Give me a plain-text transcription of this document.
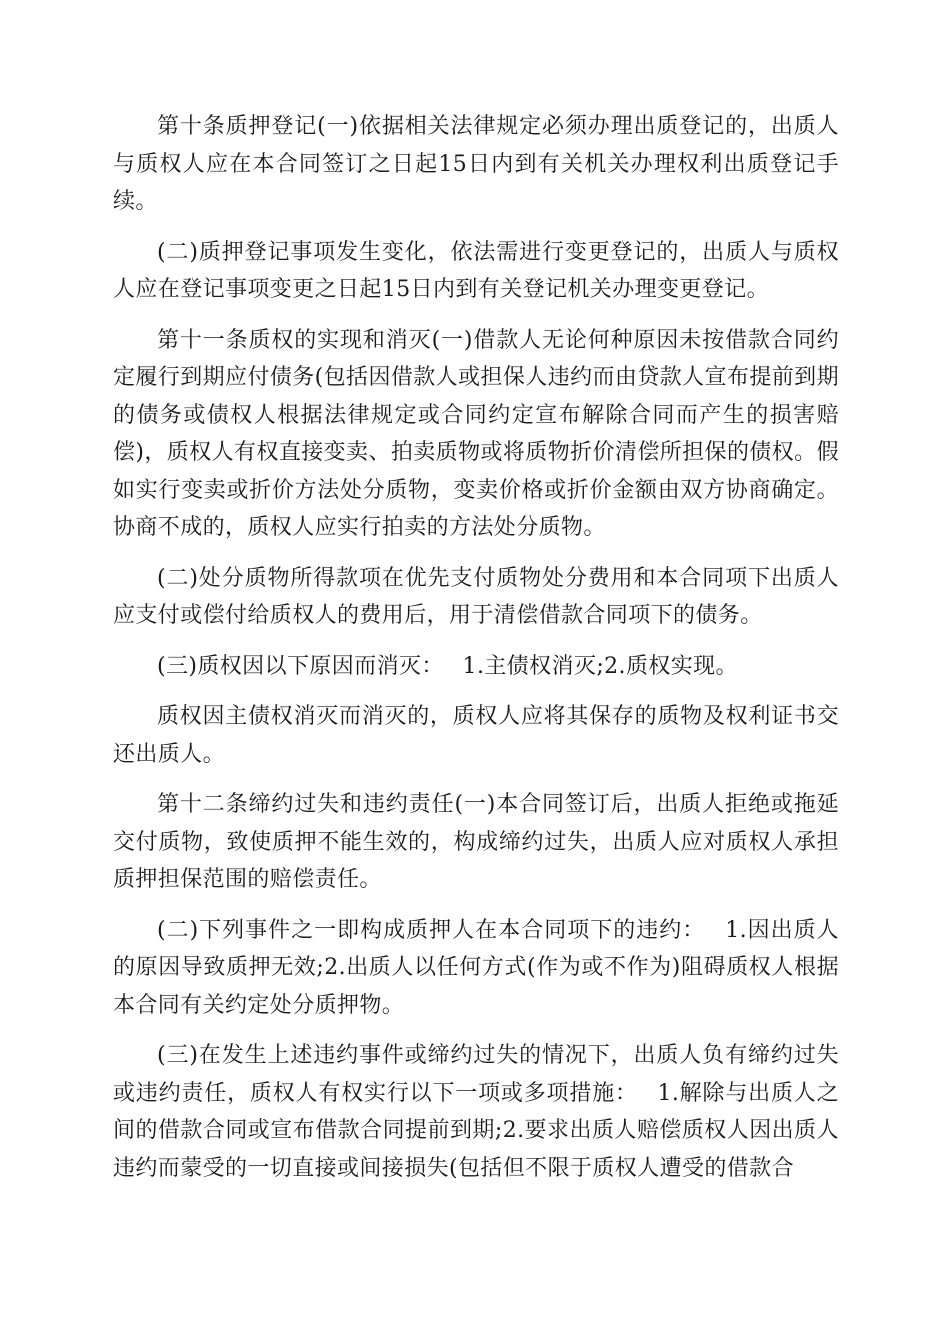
第十条质押登记(一)依据相关法律规定必须办理出质登记的，出质人与质权人应在本合同签订之日起15日内到有关机关办理权利出质登记手续。

(二)质押登记事项发生变化，依法需进行变更登记的，出质人与质权人应在登记事项变更之日起15日内到有关登记机关办理变更登记。

第十一条质权的实现和消灭(一)借款人无论何种原因未按借款合同约定履行到期应付债务(包括因借款人或担保人违约而由贷款人宣布提前到期的债务或债权人根据法律规定或合同约定宣布解除合同而产生的损害赔偿)，质权人有权直接变卖、拍卖质物或将质物折价清偿所担保的债权。假如实行变卖或折价方法处分质物，变卖价格或折价金额由双方协商确定。协商不成的，质权人应实行拍卖的方法处分质物。

(二)处分质物所得款项在优先支付质物处分费用和本合同项下出质人应支付或偿付给质权人的费用后，用于清偿借款合同项下的债务。

(三)质权因以下原因而消灭：　 1.主债权消灭;2.质权实现。

质权因主债权消灭而消灭的，质权人应将其保存的质物及权利证书交还出质人。

第十二条缔约过失和违约责任(一)本合同签订后，出质人拒绝或拖延交付质物，致使质押不能生效的，构成缔约过失，出质人应对质权人承担质押担保范围的赔偿责任。

(二)下列事件之一即构成质押人在本合同项下的违约：　 1.因出质人的原因导致质押无效;2.出质人以任何方式(作为或不作为)阻碍质权人根据本合同有关约定处分质押物。

(三)在发生上述违约事件或缔约过失的情况下，出质人负有缔约过失或违约责任，质权人有权实行以下一项或多项措施：　 1.解除与出质人之间的借款合同或宣布借款合同提前到期;2.要求出质人赔偿质权人因出质人违约而蒙受的一切直接或间接损失(包括但不限于质权人遭受的借款合
